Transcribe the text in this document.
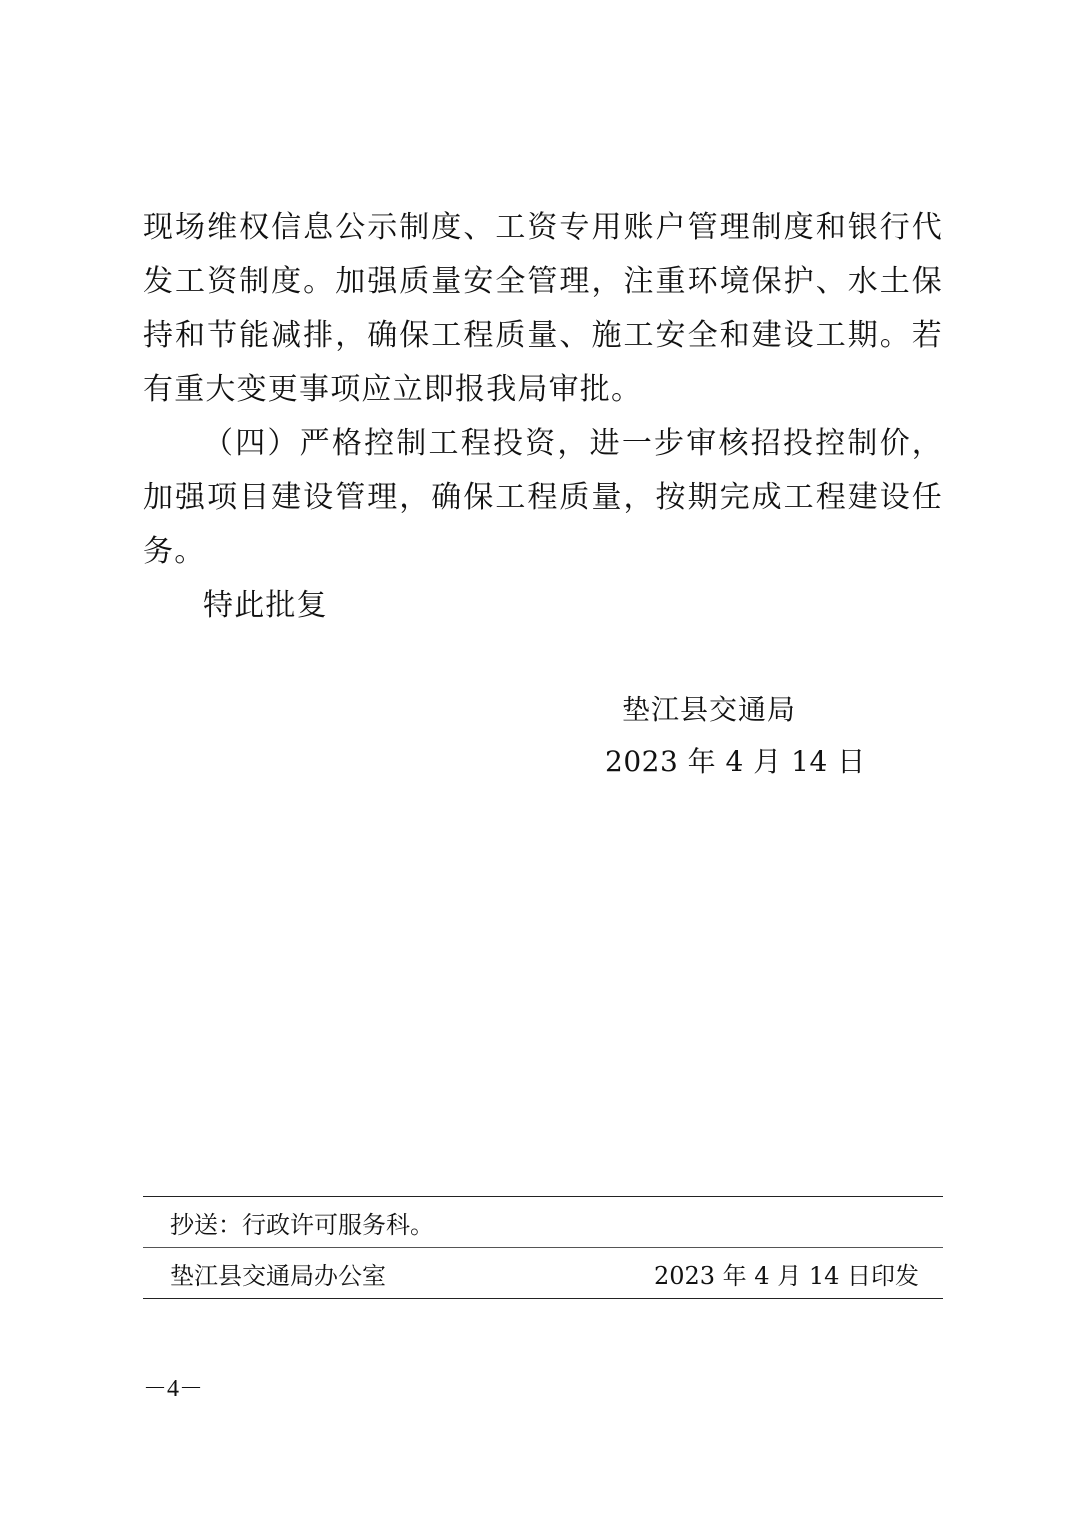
现场维权信息公示制度、工资专用账户管理制度和银行代发工资制度。加强质量安全管理，注重环境保护、水土保持和节能减排，确保工程质量、施工安全和建设工期。若有重大变更事项应立即报我局审批。

（四）严格控制工程投资，进一步审核招投控制价，加强项目建设管理，确保工程质量，按期完成工程建设任务。

特此批复

垫江县交通局
2023 年 4 月 14 日
抄送：行政许可服务科。
垫江县交通局办公室	2023 年 4 月 14 日印发
－4－
